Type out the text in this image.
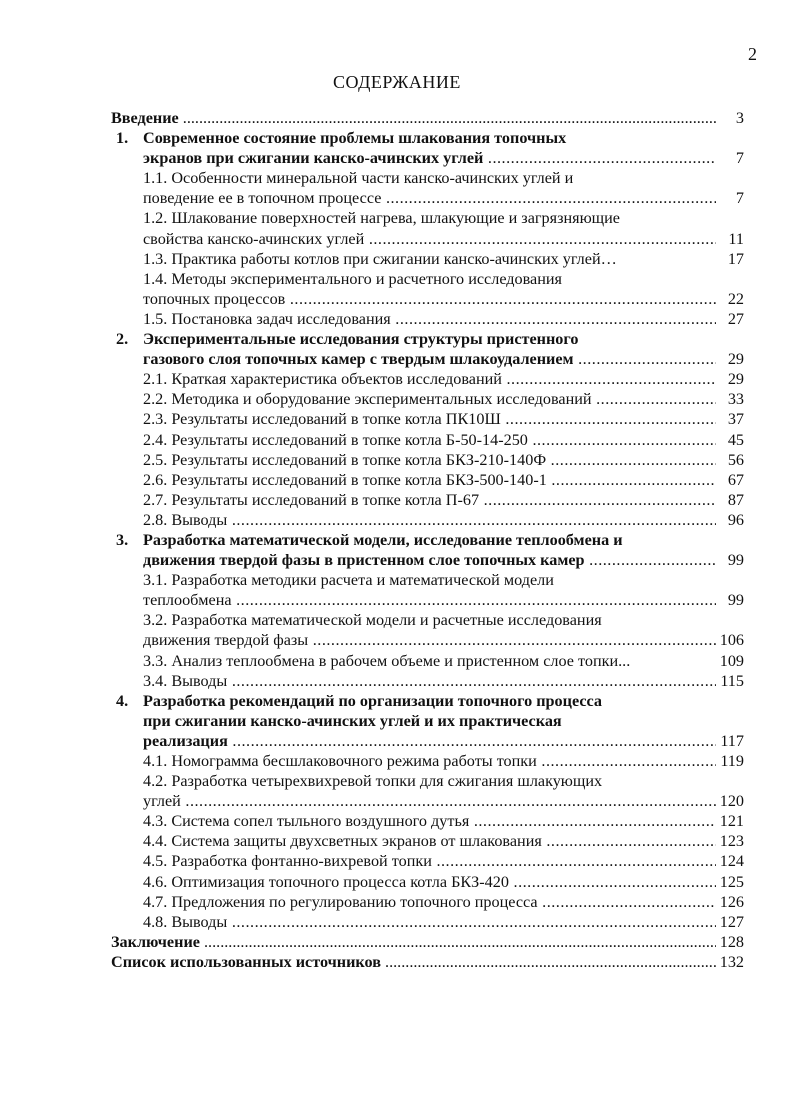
2
СОДЕРЖАНИЕ
Введение .....	3
1. Современное состояние проблемы шлакования топочных
экранов при сжигании канско-ачинских углей .....	7
1.1. Особенности минеральной части канско-ачинских углей и
поведение ее в топочном процессе .....	7
1.2. Шлакование поверхностей нагрева, шлакующие и загрязняющие
свойства канско-ачинских углей .....	11
1.3. Практика работы котлов при сжигании канско-ачинских углей…	17
1.4. Методы экспериментального и расчетного исследования
топочных процессов .....	22
1.5. Постановка задач исследования .....	27
2. Экспериментальные исследования структуры пристенного
газового слоя топочных камер с твердым шлакоудалением .....	29
2.1. Краткая характеристика объектов исследований .....	29
2.2. Методика и оборудование экспериментальных исследований .....	33
2.3. Результаты исследований в топке котла ПК10Ш .....	37
2.4. Результаты исследований в топке котла Б-50-14-250 .....	45
2.5. Результаты исследований в топке котла БКЗ-210-140Ф .....	56
2.6. Результаты исследований в топке котла БКЗ-500-140-1 .....	67
2.7. Результаты исследований в топке котла П-67 .....	87
2.8. Выводы .....	96
3. Разработка математической модели, исследование теплообмена и
движения твердой фазы в пристенном слое топочных камер .....	99
3.1. Разработка методики расчета и математической модели
теплообмена .....	99
3.2. Разработка математической модели и расчетные исследования
движения твердой фазы .....	106
3.3. Анализ теплообмена в рабочем объеме и пристенном слое топки...	109
3.4. Выводы .....	115
4. Разработка рекомендаций по организации топочного процесса
при сжигании канско-ачинских углей и их практическая
реализация .....	117
4.1. Номограмма бесшлаковочного режима работы топки .....	119
4.2. Разработка четырехвихревой топки для сжигания шлакующих
углей .....	120
4.3. Система сопел тыльного воздушного дутья .....	121
4.4. Система защиты двухсветных экранов от шлакования .....	123
4.5. Разработка фонтанно-вихревой топки .....	124
4.6. Оптимизация топочного процесса котла БКЗ-420 .....	125
4.7. Предложения по регулированию топочного процесса .....	126
4.8. Выводы .....	127
Заключение .....	128
Список использованных источников .....	132
